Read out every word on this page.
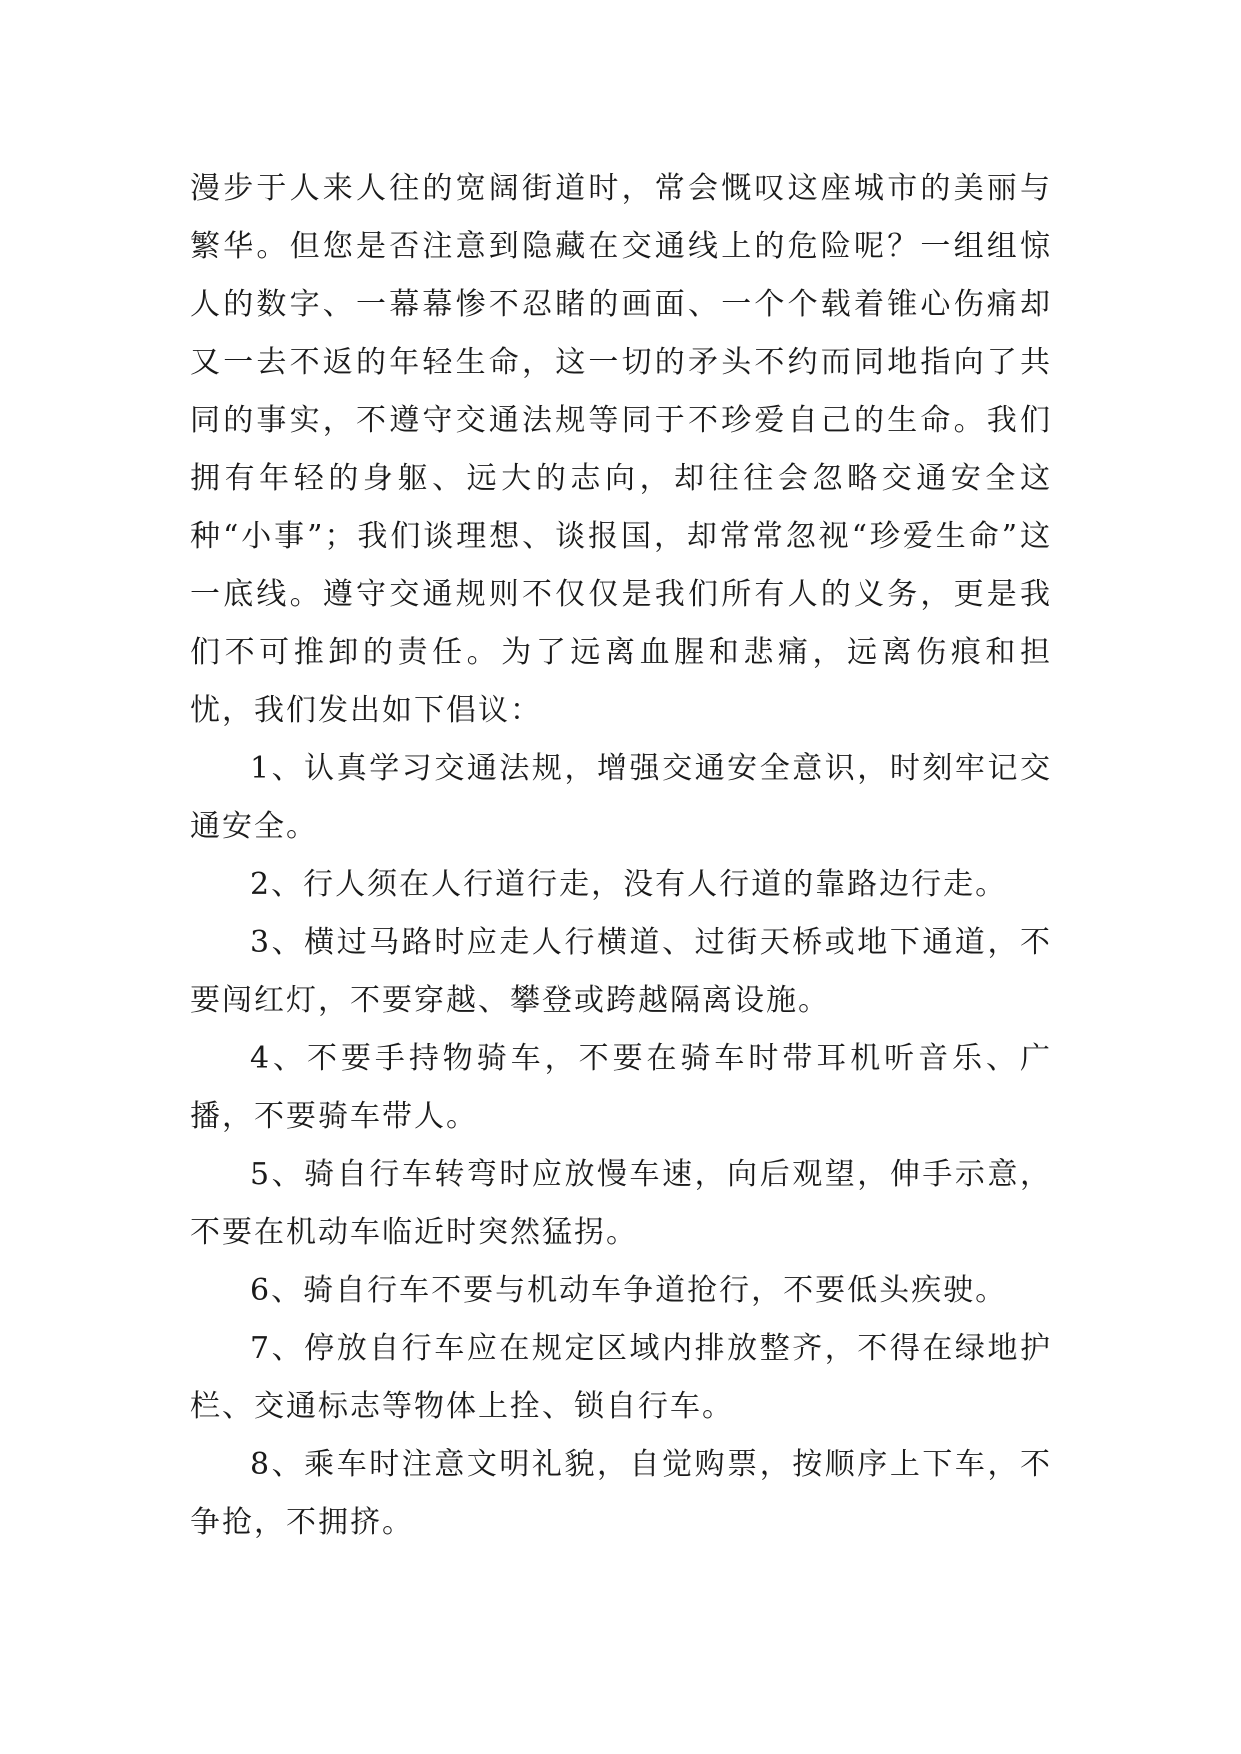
漫步于人来人往的宽阔街道时，常会慨叹这座城市的美丽与繁华。但您是否注意到隐藏在交通线上的危险呢？一组组惊人的数字、一幕幕惨不忍睹的画面、一个个载着锥心伤痛却又一去不返的年轻生命，这一切的矛头不约而同地指向了共同的事实，不遵守交通法规等同于不珍爱自己的生命。我们拥有年轻的身躯、远大的志向，却往往会忽略交通安全这种“小事”；我们谈理想、谈报国，却常常忽视“珍爱生命”这一底线。遵守交通规则不仅仅是我们所有人的义务，更是我们不可推卸的责任。为了远离血腥和悲痛，远离伤痕和担忧，我们发出如下倡议：

1、认真学习交通法规，增强交通安全意识，时刻牢记交通安全。

2、行人须在人行道行走，没有人行道的靠路边行走。

3、横过马路时应走人行横道、过街天桥或地下通道，不要闯红灯，不要穿越、攀登或跨越隔离设施。

4、不要手持物骑车，不要在骑车时带耳机听音乐、广播，不要骑车带人。

5、骑自行车转弯时应放慢车速，向后观望，伸手示意，不要在机动车临近时突然猛拐。

6、骑自行车不要与机动车争道抢行，不要低头疾驶。

7、停放自行车应在规定区域内排放整齐，不得在绿地护栏、交通标志等物体上拴、锁自行车。

8、乘车时注意文明礼貌，自觉购票，按顺序上下车，不争抢，不拥挤。
